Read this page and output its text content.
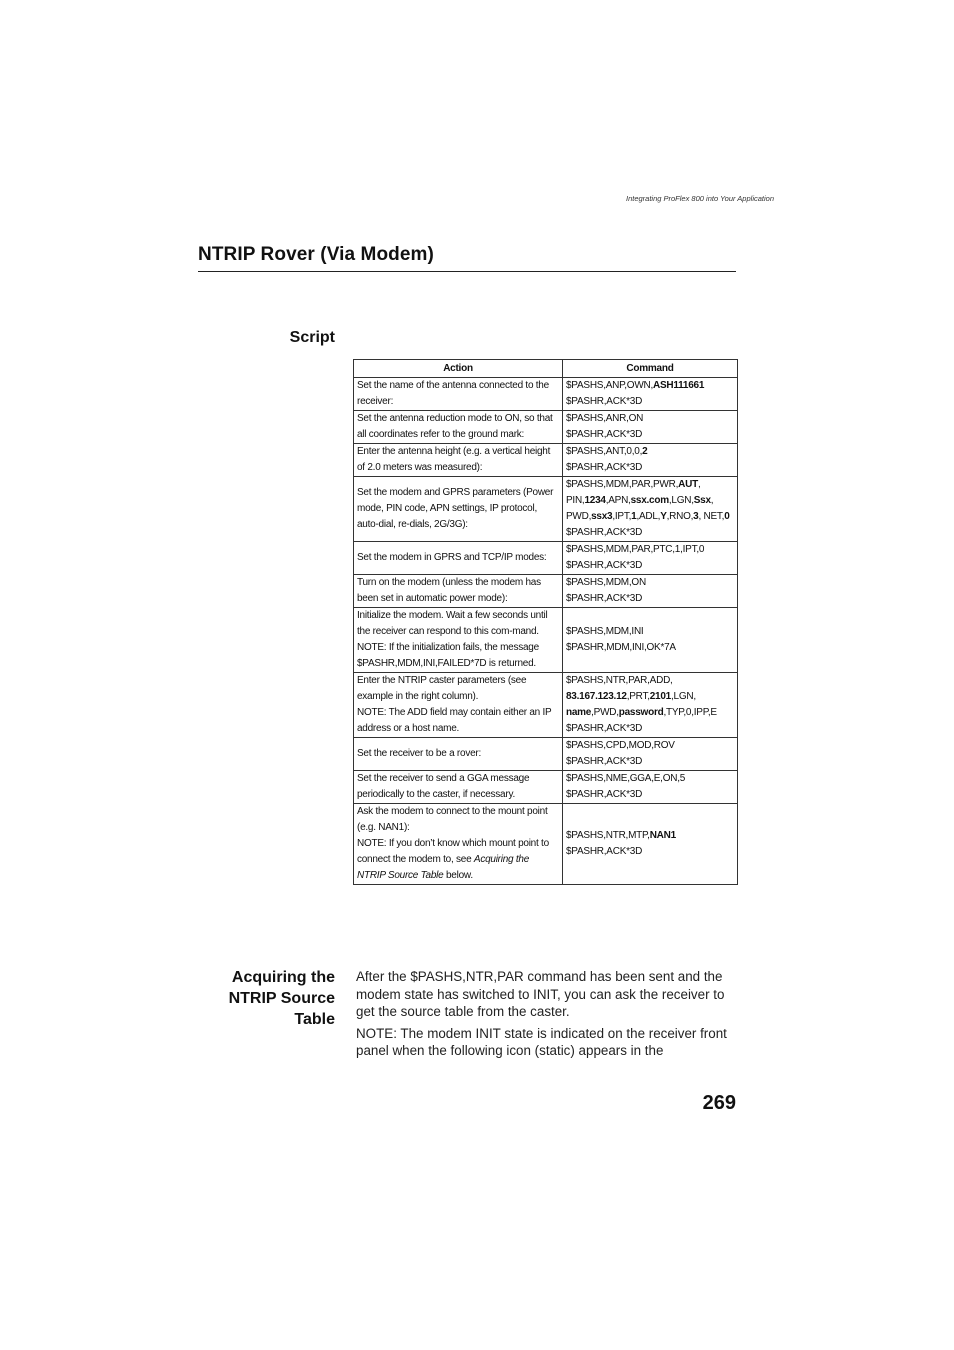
Integrating ProFlex 800 into Your Application
NTRIP Rover (Via Modem)
Script
Action	Command

Set the name of the antenna connected to the receiver:	$PASHS,ANP,OWN,ASH111661
$PASHR,ACK*3D

Set the antenna reduction mode to ON, so that all coordinates refer to the ground mark:	$PASHS,ANR,ON
$PASHR,ACK*3D

Enter the antenna height (e.g. a vertical height of 2.0 meters was measured):	$PASHS,ANT,0,0,2
$PASHR,ACK*3D

Set the modem and GPRS parameters (Power mode, PIN code, APN settings, IP protocol, auto-dial, re-dials, 2G/3G):	$PASHS,MDM,PAR,PWR,AUT, PIN,1234,APN,ssx.com,LGN,Ssx, PWD,ssx3,IPT,1,ADL,Y,RNO,3, NET,0
$PASHR,ACK*3D

Set the modem in GPRS and TCP/IP modes:	$PASHS,MDM,PAR,PTC,1,IPT,0
$PASHR,ACK*3D

Turn on the modem (unless the modem has been set in automatic power mode):	$PASHS,MDM,ON
$PASHR,ACK*3D

Initialize the modem. Wait a few seconds until the receiver can respond to this com-mand.
NOTE: If the initialization fails, the message $PASHR,MDM,INI,FAILED*7D is returned.	$PASHS,MDM,INI
$PASHR,MDM,INI,OK*7A

Enter the NTRIP caster parameters (see example in the right column).
NOTE: The ADD field may contain either an IP address or a host name.	$PASHS,NTR,PAR,ADD, 83.167.123.12,PRT,2101,LGN, name,PWD,password,TYP,0,IPP,E
$PASHR,ACK*3D

Set the receiver to be a rover:	$PASHS,CPD,MOD,ROV
$PASHR,ACK*3D

Set the receiver to send a GGA message periodically to the caster, if necessary.	$PASHS,NME,GGA,E,ON,5
$PASHR,ACK*3D

Ask the modem to connect to the mount point (e.g. NAN1):
NOTE: If you don’t know which mount point to connect the modem to, see Acquiring the NTRIP Source Table below.	$PASHS,NTR,MTP,NAN1
$PASHR,ACK*3D
Acquiring the
NTRIP Source
Table

After the $PASHS,NTR,PAR command has been sent and the modem state has switched to INIT, you can ask the receiver to get the source table from the caster.

NOTE: The modem INIT state is indicated on the receiver front panel when the following icon (static) appears in the

269
